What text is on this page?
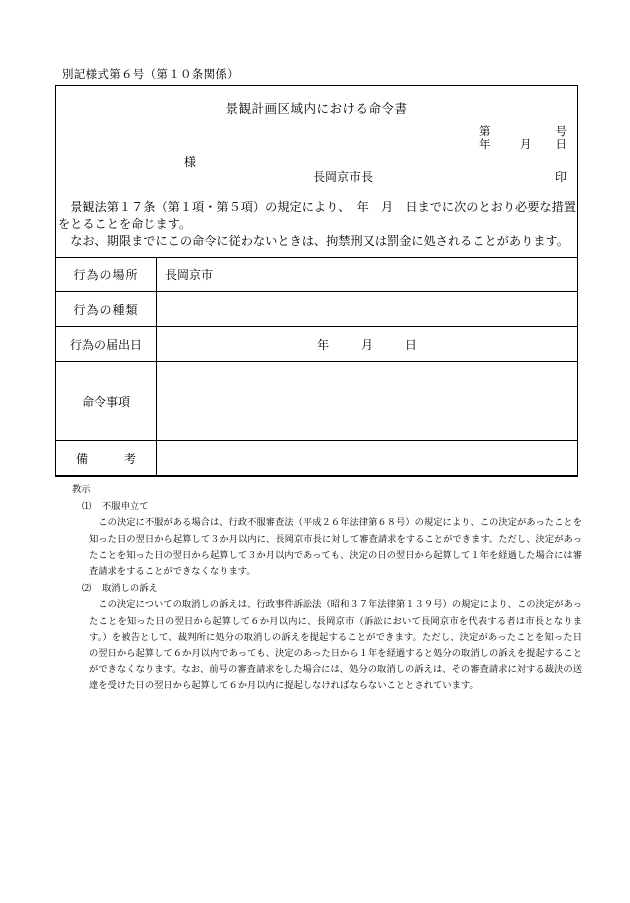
別記様式第６号（第１０条関係）
景観計画区域内における命令書
第	号
年	月 日
様
長岡京市長	印

景観法第１７条（第１項・第５項）の規定により、　年　月　日までに次のとおり必要な措置をとることを命じます。

なお、期限までにこの命令に従わないときは、拘禁刑又は罰金に処されることがあります。

行為の場所	長岡京市
行為の種類	
行為の届出日	年 月 日
命令事項	
備　　　考	
教示
⑴ 不服申立て
この決定に不服がある場合は、行政不服審査法（平成２６年法律第６８号）の規定により、この決定があったことを知った日の翌日から起算して３か月以内に、長岡京市長に対して審査請求をすることができます。ただし、決定があったことを知った日の翌日から起算して３か月以内であっても、決定の日の翌日から起算して１年を経過した場合には審査請求をすることができなくなります。
⑵ 取消しの訴え
この決定についての取消しの訴えは、行政事件訴訟法（昭和３７年法律第１３９号）の規定により、この決定があったことを知った日の翌日から起算して６か月以内に、長岡京市（訴訟において長岡京市を代表する者は市長となります。）を被告として、裁判所に処分の取消しの訴えを提起することができます。ただし、決定があったことを知った日の翌日から起算して６か月以内であっても、決定のあった日から１年を経過すると処分の取消しの訴えを提起することができなくなります。なお、前号の審査請求をした場合には、処分の取消しの訴えは、その審査請求に対する裁決の送達を受けた日の翌日から起算して６か月以内に提起しなければならないこととされています。
